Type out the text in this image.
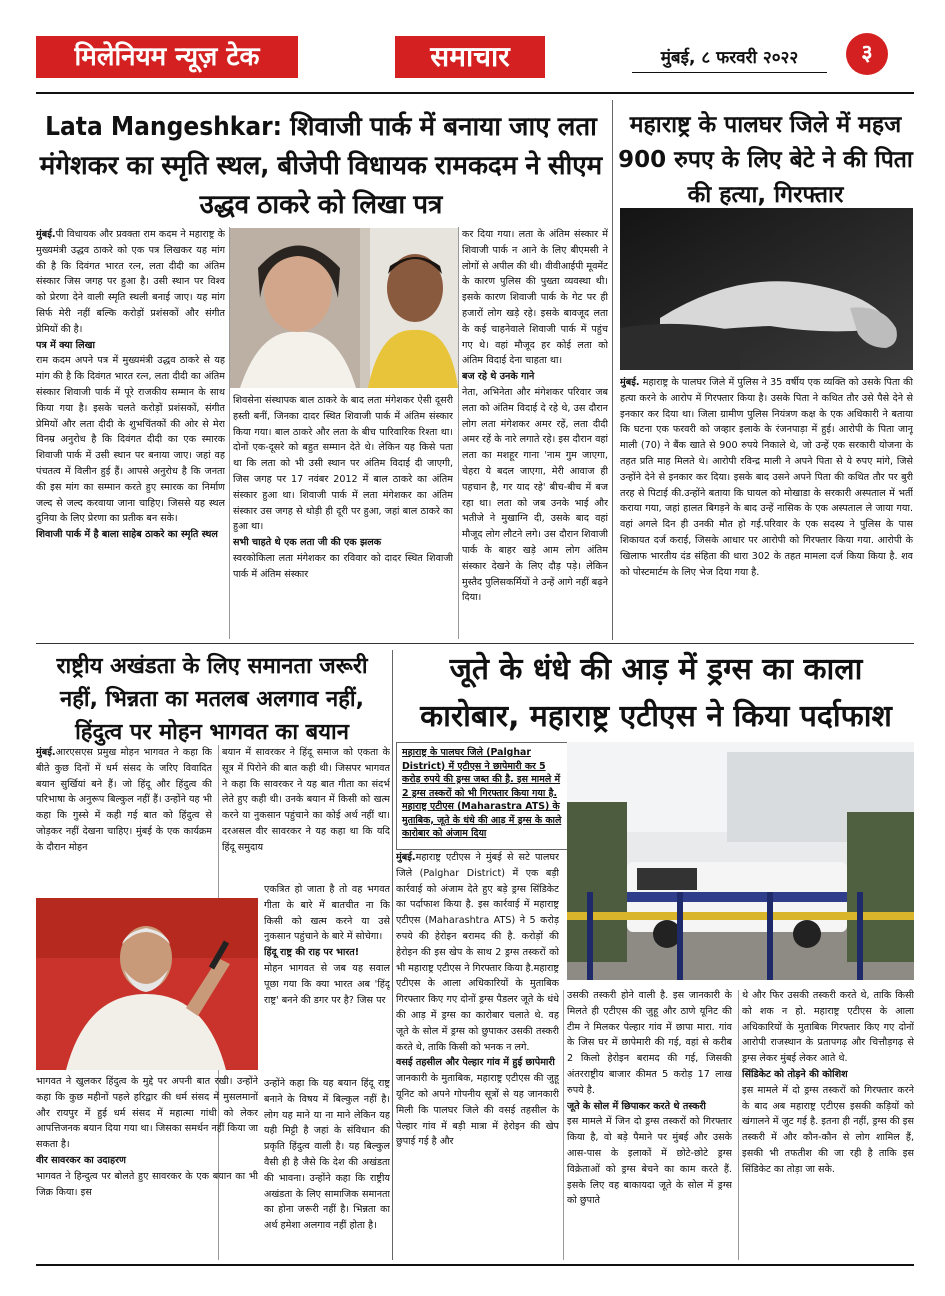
मिलेनियम न्यूज़ टेक	समाचार	मुंबई, ८ फरवरी २०२२	३
Lata Mangeshkar: शिवाजी पार्क में बनाया जाए लता मंगेशकर का स्मृति स्थल, बीजेपी विधायक रामकदम ने सीएम उद्धव ठाकरे को लिखा पत्र

मुंबई.पी विधायक और प्रवक्ता राम कदम ने महाराष्ट्र के मुख्यमंत्री उद्धव ठाकरे को एक पत्र लिखकर यह मांग की है कि दिवंगत भारत रत्न, लता दीदी का अंतिम संस्कार जिस जगह पर हुआ है। उसी स्थान पर विश्व को प्रेरणा देने वाली स्मृति स्थली बनाई जाए। यह मांग सिर्फ मेरी नहीं बल्कि करोड़ों प्रशंसकों और संगीत प्रेमियों की है।

पत्र में क्या लिखा

राम कदम अपने पत्र में मुख्यमंत्री उद्धव ठाकरे से यह मांग की है कि दिवंगत भारत रत्न, लता दीदी का अंतिम संस्कार शिवाजी पार्क में पूरे राजकीय सम्मान के साथ किया गया है। इसके चलते करोड़ों प्रशंसकों, संगीत प्रेमियों और लता दीदी के शुभचिंतकों की ओर से मेरा विनम्र अनुरोध है कि दिवंगत दीदी का एक स्मारक शिवाजी पार्क में उसी स्थान पर बनाया जाए। जहां वह पंचतत्व में विलीन हुई हैं। आपसे अनुरोध है कि जनता की इस मांग का सम्मान करते हुए स्मारक का निर्माण जल्द से जल्द करवाया जाना चाहिए। जिससे यह स्थल दुनिया के लिए प्रेरणा का प्रतीक बन सके।

शिवाजी पार्क में है बाला साहेब ठाकरे का स्मृति स्थल

शिवसेना संस्थापक बाल ठाकरे के बाद लता मंगेशकर ऐसी दूसरी हस्ती बनीं, जिनका दादर स्थित शिवाजी पार्क में अंतिम संस्कार किया गया। बाल ठाकरे और लता के बीच पारिवारिक रिश्ता था। दोनों एक-दूसरे को बहुत सम्मान देते थे। लेकिन यह किसे पता था कि लता को भी उसी स्थान पर अंतिम विदाई दी जाएगी, जिस जगह पर 17 नवंबर 2012 में बाल ठाकरे का अंतिम संस्कार हुआ था। शिवाजी पार्क में लता मंगेशकर का अंतिम संस्कार उस जगह से थोड़ी ही दूरी पर हुआ, जहां बाल ठाकरे का हुआ था।

सभी चाहते थे एक लता जी की एक झलक

स्वरकोकिला लता मंगेशकर का रविवार को दादर स्थित शिवाजी पार्क में अंतिम संस्कार

कर दिया गया। लता के अंतिम संस्कार में शिवाजी पार्क न आने के लिए बीएमसी ने लोगों से अपील की थी। वीवीआईपी मूवमेंट के कारण पुलिस की पुख्ता व्यवस्था थी। इसके कारण शिवाजी पार्क के गेट पर ही हजारों लोग खड़े रहे। इसके बावजूद लता के कई चाहनेवाले शिवाजी पार्क में पहुंच गए थे। वहां मौजूद हर कोई लता को अंतिम विदाई देना चाहता था।

बज रहे थे उनके गाने

नेता, अभिनेता और मंगेशकर परिवार जब लता को अंतिम विदाई दे रहे थे, उस दौरान लोग लता मंगेशकर अमर रहें, लता दीदी अमर रहें के नारे लगाते रहे। इस दौरान वहां लता का मशहूर गाना 'नाम गुम जाएगा, चेहरा ये बदल जाएगा, मेरी आवाज ही पहचान है, गर याद रहे' बीच-बीच में बज रहा था। लता को जब उनके भाई और भतीजे ने मुखाग्नि दी, उसके बाद वहां मौजूद लोग लौटने लगे। उस दौरान शिवाजी पार्क के बाहर खड़े आम लोग अंतिम संस्कार देखने के लिए दौड़ पड़े। लेकिन मुस्तैद पुलिसकर्मियों ने उन्हें आगे नहीं बढ़ने दिया।

महाराष्ट्र के पालघर जिले में महज 900 रुपए के लिए बेटे ने की पिता की हत्या, गिरफ्तार

मुंबई. महाराष्ट्र के पालघर जिले में पुलिस ने 35 वर्षीय एक व्यक्ति को उसके पिता की हत्या करने के आरोप में गिरफ्तार किया है। उसके पिता ने कथित तौर उसे पैसे देने से इनकार कर दिया था। जिला ग्रामीण पुलिस नियंत्रण कक्ष के एक अधिकारी ने बताया कि घटना एक फरवरी को जव्हार इलाके के रंजनपाड़ा में हुई। आरोपी के पिता जानू माली (70) ने बैंक खाते से 900 रुपये निकाले थे, जो उन्हें एक सरकारी योजना के तहत प्रति माह मिलते थे। आरोपी रविन्द्र माली ने अपने पिता से ये रुपए मांगे, जिसे उन्होंने देने से इनकार कर दिया। इसके बाद उसने अपने पिता की कथित तौर पर बुरी तरह से पिटाई की.उन्होंने बताया कि घायल को मोखाडा के सरकारी अस्पताल में भर्ती कराया गया, जहां हालत बिगड़ने के बाद उन्हें नासिक के एक अस्पताल ले जाया गया. वहां अगले दिन ही उनकी मौत हो गई.परिवार के एक सदस्य ने पुलिस के पास शिकायत दर्ज कराई, जिसके आधार पर आरोपी को गिरफ्तार किया गया. आरोपी के खिलाफ भारतीय दंड संहिता की धारा 302 के तहत मामला दर्ज किया किया है. शव को पोस्टमार्टम के लिए भेज दिया गया है.

राष्ट्रीय अखंडता के लिए समानता जरूरी नहीं, भिन्नता का मतलब अलगाव नहीं, हिंदुत्व पर मोहन भागवत का बयान

मुंबई.आरएसएस प्रमुख मोहन भागवत ने कहा कि बीते कुछ दिनों में धर्म संसद के जरिए विवादित बयान सुर्खियां बने हैं। जो हिंदू और हिंदुत्व की परिभाषा के अनुरूप बिल्कुल नहीं हैं। उन्होंने यह भी कहा कि गुस्से में कही गई बात को हिंदुत्व से जोड़कर नहीं देखना चाहिए। मुंबई के एक कार्यक्रम के दौरान मोहन

भागवत ने खुलकर हिंदुत्व के मुद्दे पर अपनी बात रखी। उन्होंने कहा कि कुछ महीनों पहले हरिद्वार की धर्म संसद में मुसलमानों और रायपुर में हुई धर्म संसद में महात्मा गांधी को लेकर आपत्तिजनक बयान दिया गया था। जिसका समर्थन नहीं किया जा सकता है।

वीर सावरकर का उदाहरण

भागवत ने हिन्दुत्व पर बोलते हुए सावरकर के एक बयान का भी जिक्र किया। इस

बयान में सावरकर ने हिंदू समाज को एकता के सूत्र में पिरोने की बात कही थी। जिसपर भागवत ने कहा कि सावरकर ने यह बात गीता का संदर्भ लेते हुए कही थी। उनके बयान में किसी को खत्म करने या नुकसान पहुंचाने का कोई अर्थ नहीं था। दरअसल वीर सावरकर ने यह कहा था कि यदि हिंदू समुदाय

एकत्रित हो जाता है तो वह भगवत गीता के बारे में बातचीत ना कि किसी को खत्म करने या उसे नुकसान पहुंचाने के बारे में सोचेगा।

हिंदू राष्ट्र की राह पर भारत!

मोहन भागवत से जब यह सवाल पूछा गया कि क्या भारत अब 'हिंदू राष्ट्र' बनने की डगर पर है? जिस पर

उन्होंने कहा कि यह बयान हिंदू राष्ट्र बनाने के विषय में बिल्कुल नहीं है। लोग यह माने या ना माने लेकिन यह यही मिट्टी है जहां के संविधान की प्रकृति हिंदुत्व वाली है। यह बिल्कुल वैसी ही है जैसे कि देश की अखंडता की भावना। उन्होंने कहा कि राष्ट्रीय अखंडता के लिए सामाजिक समानता का होना जरूरी नहीं है। भिन्नता का अर्थ हमेशा अलगाव नहीं होता है।

जूते के धंधे की आड़ में ड्रग्स का काला कारोबार, महाराष्ट्र एटीएस ने किया पर्दाफाश
महाराष्ट्र के पालघर जिले (Palghar District) में एटीएस ने छापेमारी कर 5 करोड़ रुपये की ड्रग्स जब्त की है. इस मामले में 2 ड्रग्स तस्करों को भी गिरफ्तार किया गया है. महाराष्ट्र एटीएस (Maharastra ATS) के मुताबिक, जूते के धंधे की आड़ में ड्रग्स के काले कारोबार को अंजाम दिया

मुंबई.महाराष्ट्र एटीएस ने मुंबई से सटे पालघर जिले (Palghar District) में एक बड़ी कार्रवाई को अंजाम देते हुए बड़े ड्रग्स सिंडिकेट का पर्दाफाश किया है. इस कार्रवाई में महाराष्ट्र एटीएस (Maharashtra ATS) ने 5 करोड़ रुपये की हेरोइन बरामद की है. करोड़ों की हेरोइन की इस खेप के साथ 2 ड्रग्स तस्करों को भी महाराष्ट्र एटीएस ने गिरफ्तार किया है.महाराष्ट्र एटीएस के आला अधिकारियों के मुताबिक गिरफ्तार किए गए दोनों ड्रग्स पैडलर जूते के धंधे की आड़ में ड्रग्स का कारोबार चलाते थे. वह जूते के सोल में ड्रग्स को छुपाकर उसकी तस्करी करते थे, ताकि किसी को भनक न लगे.

वसई तहसील और पेल्हार गांव में हुई छापेमारी

जानकारी के मुताबिक, महाराष्ट्र एटीएस की जुहू यूनिट को अपने गोपनीय सूत्रों से यह जानकारी मिली कि पालघर जिले की वसई तहसील के पेल्हार गांव में बड़ी मात्रा में हेरोइन की खेप छुपाई गई है और

उसकी तस्करी होने वाली है. इस जानकारी के मिलते ही एटीएस की जुहू और ठाणे यूनिट की टीम ने मिलकर पेल्हार गांव में छापा मारा. गांव के जिस घर में छापेमारी की गई, वहां से करीब 2 किलो हेरोइन बरामद की गई, जिसकी अंतरराष्ट्रीय बाजार कीमत 5 करोड़ 17 लाख रुपये है.

जूते के सोल में छिपाकर करते थे तस्करी

इस मामले में जिन दो ड्रग्स तस्करों को गिरफ्तार किया है, वो बड़े पैमाने पर मुंबई और उसके आस-पास के इलाकों में छोटे-छोटे ड्रग्स विक्रेताओं को ड्रग्स बेचने का काम करते हैं. इसके लिए वह बाकायदा जूते के सोल में ड्रग्स को छुपाते

थे और फिर उसकी तस्करी करते थे, ताकि किसी को शक न हो. महाराष्ट्र एटीएस के आला अधिकारियों के मुताबिक गिरफ्तार किए गए दोनों आरोपी राजस्थान के प्रतापगढ़ और चित्तौड़गढ़ से ड्रग्स लेकर मुंबई लेकर आते थे.

सिंडिकेट को तोड़ने की कोशिश

इस मामले में दो ड्रग्स तस्करों को गिरफ्तार करने के बाद अब महाराष्ट्र एटीएस इसकी कड़ियों को खंगालने में जुट गई है. इतना ही नहीं, ड्रग्स की इस तस्करी में और कौन-कौन से लोग शामिल हैं, इसकी भी तफतीश की जा रही है ताकि इस सिंडिकेट का तोड़ा जा सके.
